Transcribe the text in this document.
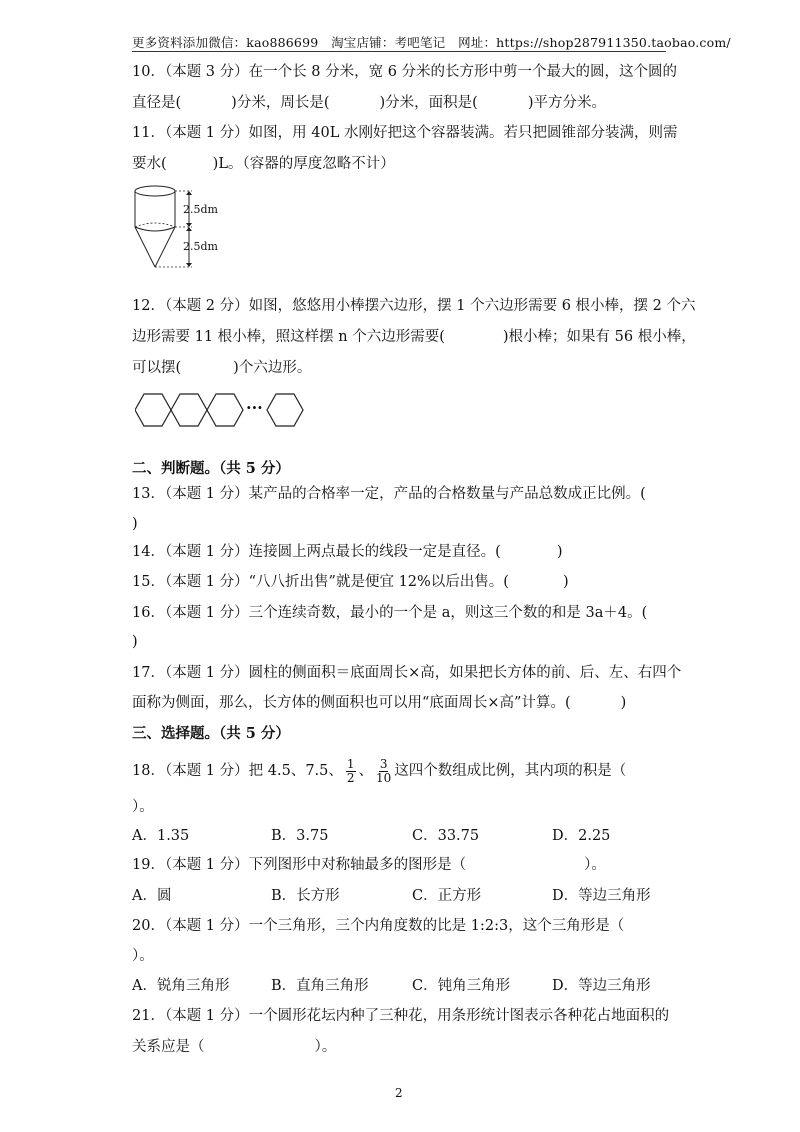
更多资料添加微信：kao886699　淘宝店铺：考吧笔记　网址：https://shop287911350.taobao.com/
10．（本题 3 分）在一个长 8 分米，宽 6 分米的长方形中剪一个最大的圆，这个圆的
直径是(	)分米，周长是(	)分米，面积是(	)平方分米。
11．（本题 1 分）如图，用 40L 水刚好把这个容器装满。若只把圆锥部分装满，则需
要水(	)L。（容器的厚度忽略不计）
2.5dm
2.5dm
12．（本题 2 分）如图，悠悠用小棒摆六边形，摆 1 个六边形需要 6 根小棒，摆 2 个六
边形需要 11 根小棒，照这样摆 n 个六边形需要(	)根小棒；如果有 56 根小棒，
可以摆(	)个六边形。
···
二、判断题。（共 5 分）
13．（本题 1 分）某产品的合格率一定，产品的合格数量与产品总数成正比例。(
)
14．（本题 1 分）连接圆上两点最长的线段一定是直径。(	)
15．（本题 1 分）“八八折出售”就是便宜 12%以后出售。(	)
16．（本题 1 分）三个连续奇数，最小的一个是 a，则这三个数的和是 3a＋4。(
)
17．（本题 1 分）圆柱的侧面积＝底面周长×高，如果把长方体的前、后、左、右四个
面称为侧面，那么，长方体的侧面积也可以用“底面周长×高”计算。(	)
三、选择题。（共 5 分）
18．（本题 1 分）把 4.5、7.5、 $\frac{1}{2}$ 、 $\frac{3}{10}$ 这四个数组成比例，其内项的积是（
）。
A．1.35	B．3.75	C．33.75	D．2.25
19．（本题 1 分）下列图形中对称轴最多的图形是（	）。
A．圆	B．长方形	C．正方形	D．等边三角形
20．（本题 1 分）一个三角形，三个内角度数的比是 1:2:3，这个三角形是（
）。
A．锐角三角形	B．直角三角形	C．钝角三角形	D．等边三角形
21．（本题 1 分）一个圆形花坛内种了三种花，用条形统计图表示各种花占地面积的
关系应是（	）。
2
